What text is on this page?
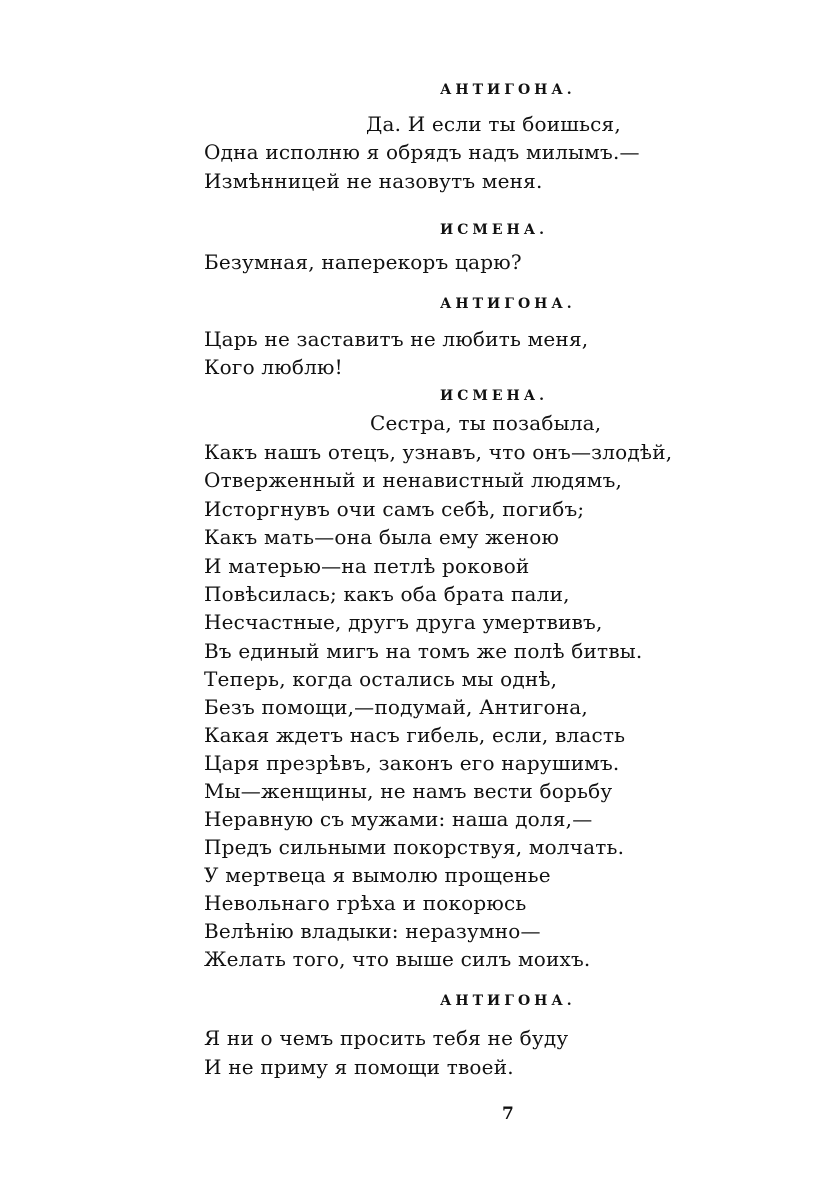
АНТИГОНА.
Да. И если ты боишься,
Одна исполню я обрядъ надъ милымъ.—
Измѣнницей не назовутъ меня.
ИСМЕНА.
Безумная, наперекоръ царю?
АНТИГОНА.
Царь не заставитъ не любить меня,
Кого люблю!
ИСМЕНА.
Сестра, ты позабыла,
Какъ нашъ отецъ, узнавъ, что онъ—злодѣй,
Отверженный и ненавистный людямъ,
Исторгнувъ очи самъ себѣ, погибъ;
Какъ мать—она была ему женою
И матерью—на петлѣ роковой
Повѣсилась; какъ оба брата пали,
Несчастные, другъ друга умертвивъ,
Въ единый мигъ на томъ же полѣ битвы.
Теперь, когда остались мы однѣ,
Безъ помощи,—подумай, Антигона,
Какая ждетъ насъ гибель, если, власть
Царя презрѣвъ, законъ его нарушимъ.
Мы—женщины, не намъ вести борьбу
Неравную съ мужами: наша доля,—
Предъ сильными покорствуя, молчать.
У мертвеца я вымолю прощенье
Невольнаго грѣха и покорюсь
Велѣнію владыки: неразумно—
Желать того, что выше силъ моихъ.
АНТИГОНА.
Я ни о чемъ просить тебя не буду
И не приму я помощи твоей.
7
